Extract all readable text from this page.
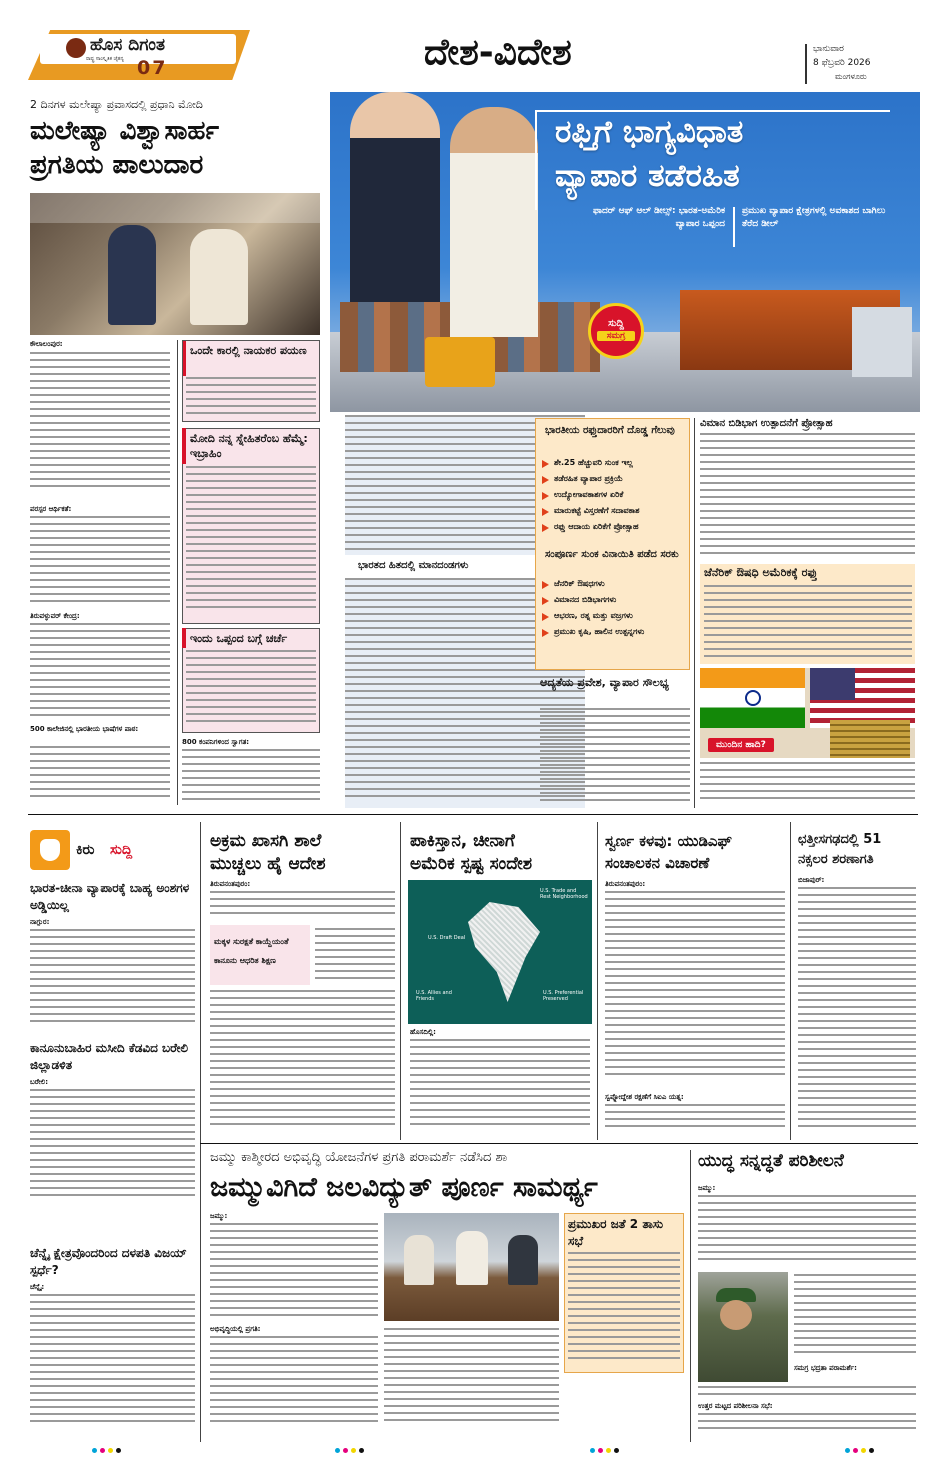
ಹೊಸ ದಿಗಂತ
ರಾಷ್ಟ್ರ ಸಾಂಸ್ಕೃತಿಕ ಚೈತನ್ಯ 07	ದೇಶ-ವಿದೇಶ	ಭಾನುವಾರ
8 ಫೆಬ್ರವರಿ 2026
ಮಂಗಳೂರು
2 ದಿನಗಳ ಮಲೇಷ್ಯಾ ಪ್ರವಾಸದಲ್ಲಿ ಪ್ರಧಾನಿ ಮೋದಿ
ಮಲೇಷ್ಯಾ ವಿಶ್ವಾಸಾರ್ಹ
ಪ್ರಗತಿಯ ಪಾಲುದಾರ
ಕೌಲಾಲಂಪುರ:
ಪರಸ್ಪರ ಆರ್ಥಿಕತೆ:
ತಿರುವಳ್ಳುವರ್ ಕೇಂದ್ರ:
500 ಕಾಲೇಜಿನಲ್ಲಿ ಭಾರತೀಯ ಭಾಷೆಗಳ ಪಾಠ:
ಒಂದೇ ಕಾರಲ್ಲಿ ನಾಯಕರ ಪಯಣ
ಮೋದಿ ನನ್ನ ಸ್ನೇಹಿತರೆಂಬ ಹೆಮ್ಮೆ: ಇಬ್ರಾಹಿಂ
ಇಂದು ಒಪ್ಪಂದ ಬಗ್ಗೆ ಚರ್ಚೆ
800 ಕಂಪನಿಗಳಿಂದ ಸ್ವಾಗತ:
ರಫ್ತಿಗೆ ಭಾಗ್ಯವಿಧಾತ
ವ್ಯಾಪಾರ ತಡೆರಹಿತ
ಫಾದರ್ ಆಫ್ ಆಲ್ ಡೀಲ್ಸ್: ಭಾರತ-ಅಮೆರಿಕ ವ್ಯಾಪಾರ ಒಪ್ಪಂದ
ಪ್ರಮುಖ ವ್ಯಾಪಾರ ಕ್ಷೇತ್ರಗಳಲ್ಲಿ ಅವಕಾಶದ ಬಾಗಿಲು ತೆರೆದ ಡೀಲ್
ಸುದ್ದಿ
ಸಮಗ್ರ
ಭಾರತದ ಹಿತದಲ್ಲಿ ಮಾನದಂಡಗಳು
ಭಾರತೀಯ ರಫ್ತುದಾರರಿಗೆ ದೊಡ್ಡ ಗೆಲುವು
ಶೇ.25 ಹೆಚ್ಚುವರಿ ಸುಂಕ ಇಲ್ಲ
ತಡೆರಹಿತ ವ್ಯಾಪಾರ ಪ್ರಕ್ರಿಯೆ
ಉದ್ಯೋಗಾವಕಾಶಗಳ ಏರಿಕೆ
ಮಾರುಕಟ್ಟೆ ವಿಸ್ತರಣೆಗೆ ಸದಾವಕಾಶ
ರಫ್ತು ಆದಾಯ ಏರಿಕೆಗೆ ಪ್ರೋತ್ಸಾಹ
ಸಂಪೂರ್ಣ ಸುಂಕ ವಿನಾಯಿತಿ ಪಡೆದ ಸರಕು
ಜೆನರಿಕ್ ಔಷಧಗಳು
ವಿಮಾನದ ಬಿಡಿಭಾಗಗಳು
ಆಭರಣ, ರತ್ನ ಮತ್ತು ವಜ್ರಗಳು
ಪ್ರಮುಖ ಕೃಷಿ, ಹಾಲಿನ ಉತ್ಪನ್ನಗಳು
ಆದ್ಯತೆಯ ಪ್ರವೇಶ, ವ್ಯಾಪಾರ ಸೌಲಭ್ಯ
ವಿಮಾನ ಬಿಡಿಭಾಗ ಉತ್ಪಾದನೆಗೆ ಪ್ರೋತ್ಸಾಹ
ಜೆನೆರಿಕ್ ಔಷಧಿ ಅಮೆರಿಕಕ್ಕೆ ರಫ್ತು
ಮುಂದಿನ ಹಾದಿ?
ಕಿರು ಸುದ್ದಿ
ಭಾರತ-ಚೀನಾ ವ್ಯಾಪಾರಕ್ಕೆ ಬಾಹ್ಯ ಅಂಶಗಳ ಅಡ್ಡಿಯಿಲ್ಲ
ನಾಗ್ಪುರ:
ಕಾನೂನುಬಾಹಿರ ಮಸೀದಿ ಕೆಡವಿದ ಬರೇಲಿ ಜಿಲ್ಲಾಡಳಿತ
ಬರೇಲಿ:
ಚೆನ್ನೈ ಕ್ಷೇತ್ರವೊಂದರಿಂದ ದಳಪತಿ ವಿಜಯ್ ಸ್ಪರ್ಧೆ?
ಚೆನ್ನೈ:
ಅಕ್ರಮ ಖಾಸಗಿ ಶಾಲೆ
ಮುಚ್ಚಲು ಹೈ ಆದೇಶ
ತಿರುವನಂತಪುರಂ:
ಮಕ್ಕಳ ಸುರಕ್ಷತೆ ಕಾಯ್ದೆಯಂತೆ ಕಾನೂನು ಆಧರಿತ ಶಿಕ್ಷಣ
ಪಾಕಿಸ್ತಾನ, ಚೀನಾಗೆ
ಅಮೆರಿಕ ಸ್ಪಷ್ಟ ಸಂದೇಶ
U.S. Trade and Rest Neighborhood
U.S. Draft Deal
U.S. Allies and Friends
U.S. Preferential Preserved
ಹೊಸದಿಲ್ಲಿ:
ಸ್ವರ್ಣ ಕಳವು: ಯುಡಿಎಫ್
ಸಂಚಾಲಕನ ವಿಚಾರಣೆ
ತಿರುವನಂತಪುರಂ:
ಸ್ವಪ್ನೋದ್ದೇಶ ರಕ್ಷಣೆಗೆ ಸಿಐಎ ಯತ್ನ:
ಛತ್ತೀಸಗಢದಲ್ಲಿ 51
ನಕ್ಸಲರ ಶರಣಾಗತಿ
ಬಿಜಾಪುರ್:
ಜಮ್ಮು ಕಾಶ್ಮೀರದ ಅಭಿವೃದ್ಧಿ ಯೋಜನೆಗಳ ಪ್ರಗತಿ ಪರಾಮರ್ಶೆ ನಡೆಸಿದ ಶಾ
ಜಮ್ಮುವಿಗಿದೆ ಜಲವಿದ್ಯುತ್ ಪೂರ್ಣ ಸಾಮರ್ಥ್ಯ
ಜಮ್ಮು:
ಅಭಿವೃದ್ಧಿಯಲ್ಲಿ ಪ್ರಗತಿ:
ಪ್ರಮುಖರ ಜತೆ 2 ತಾಸು ಸಭೆ
ಯುದ್ಧ ಸನ್ನದ್ಧತೆ ಪರಿಶೀಲನೆ
ಜಮ್ಮು:
ಸಮಗ್ರ ಭದ್ರತಾ ಪರಾಮರ್ಶೆ:
ಉತ್ತರ ಮಟ್ಟದ ಪರಿಶೀಲನಾ ಸಭೆ:
